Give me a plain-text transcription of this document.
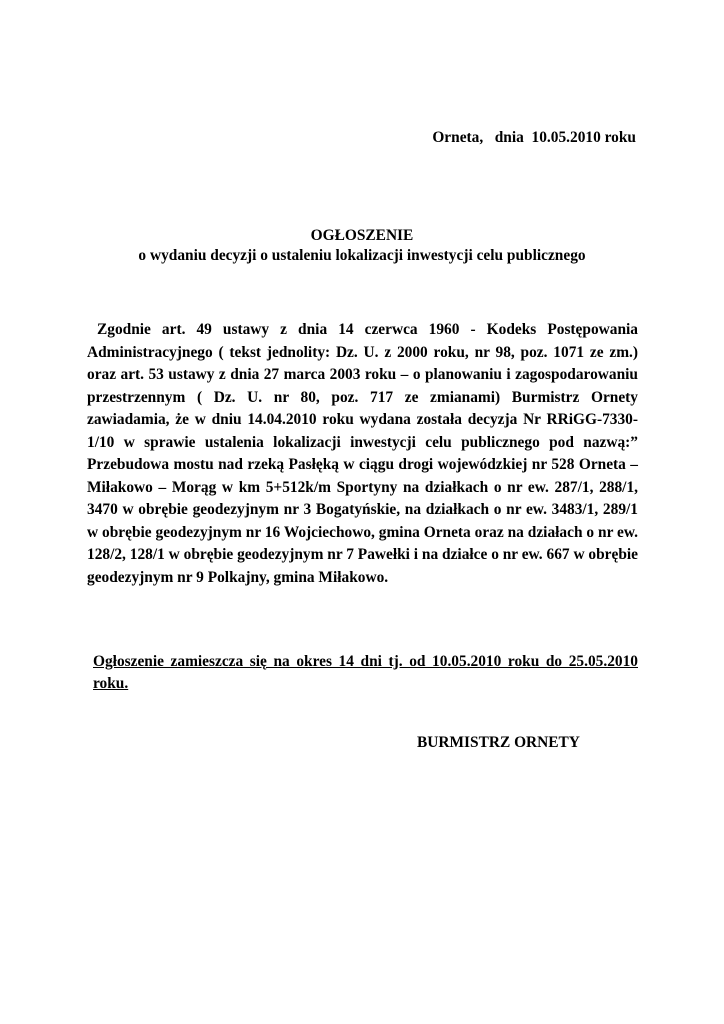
Orneta,   dnia  10.05.2010 roku
OGŁOSZENIE
o wydaniu decyzji o ustaleniu lokalizacji inwestycji celu publicznego
Zgodnie art. 49 ustawy z dnia 14 czerwca 1960 - Kodeks Postępowania Administracyjnego ( tekst jednolity: Dz. U. z 2000 roku, nr 98, poz. 1071 ze zm.) oraz art. 53 ustawy z dnia 27 marca 2003 roku – o planowaniu i zagospodarowaniu przestrzennym ( Dz. U. nr 80, poz. 717 ze zmianami) Burmistrz Ornety zawiadamia, że w dniu 14.04.2010 roku wydana została decyzja Nr RRiGG-7330-1/10 w sprawie ustalenia lokalizacji inwestycji celu publicznego pod nazwą:” Przebudowa mostu nad rzeką Pasłęką w ciągu drogi wojewódzkiej nr 528 Orneta – Miłakowo – Morąg w km 5+512k/m Sportyny na działkach o nr ew. 287/1, 288/1, 3470 w obrębie geodezyjnym nr 3 Bogatyńskie, na działkach o nr ew. 3483/1, 289/1 w obrębie geodezyjnym nr 16 Wojciechowo, gmina Orneta oraz na działach o nr ew. 128/2, 128/1 w obrębie geodezyjnym nr 7 Pawełki i na działce o nr ew. 667 w obrębie geodezyjnym nr 9 Polkajny, gmina Miłakowo.
Ogłoszenie zamieszcza się na okres 14 dni tj. od 10.05.2010 roku do 25.05.2010 roku.
BURMISTRZ ORNETY
